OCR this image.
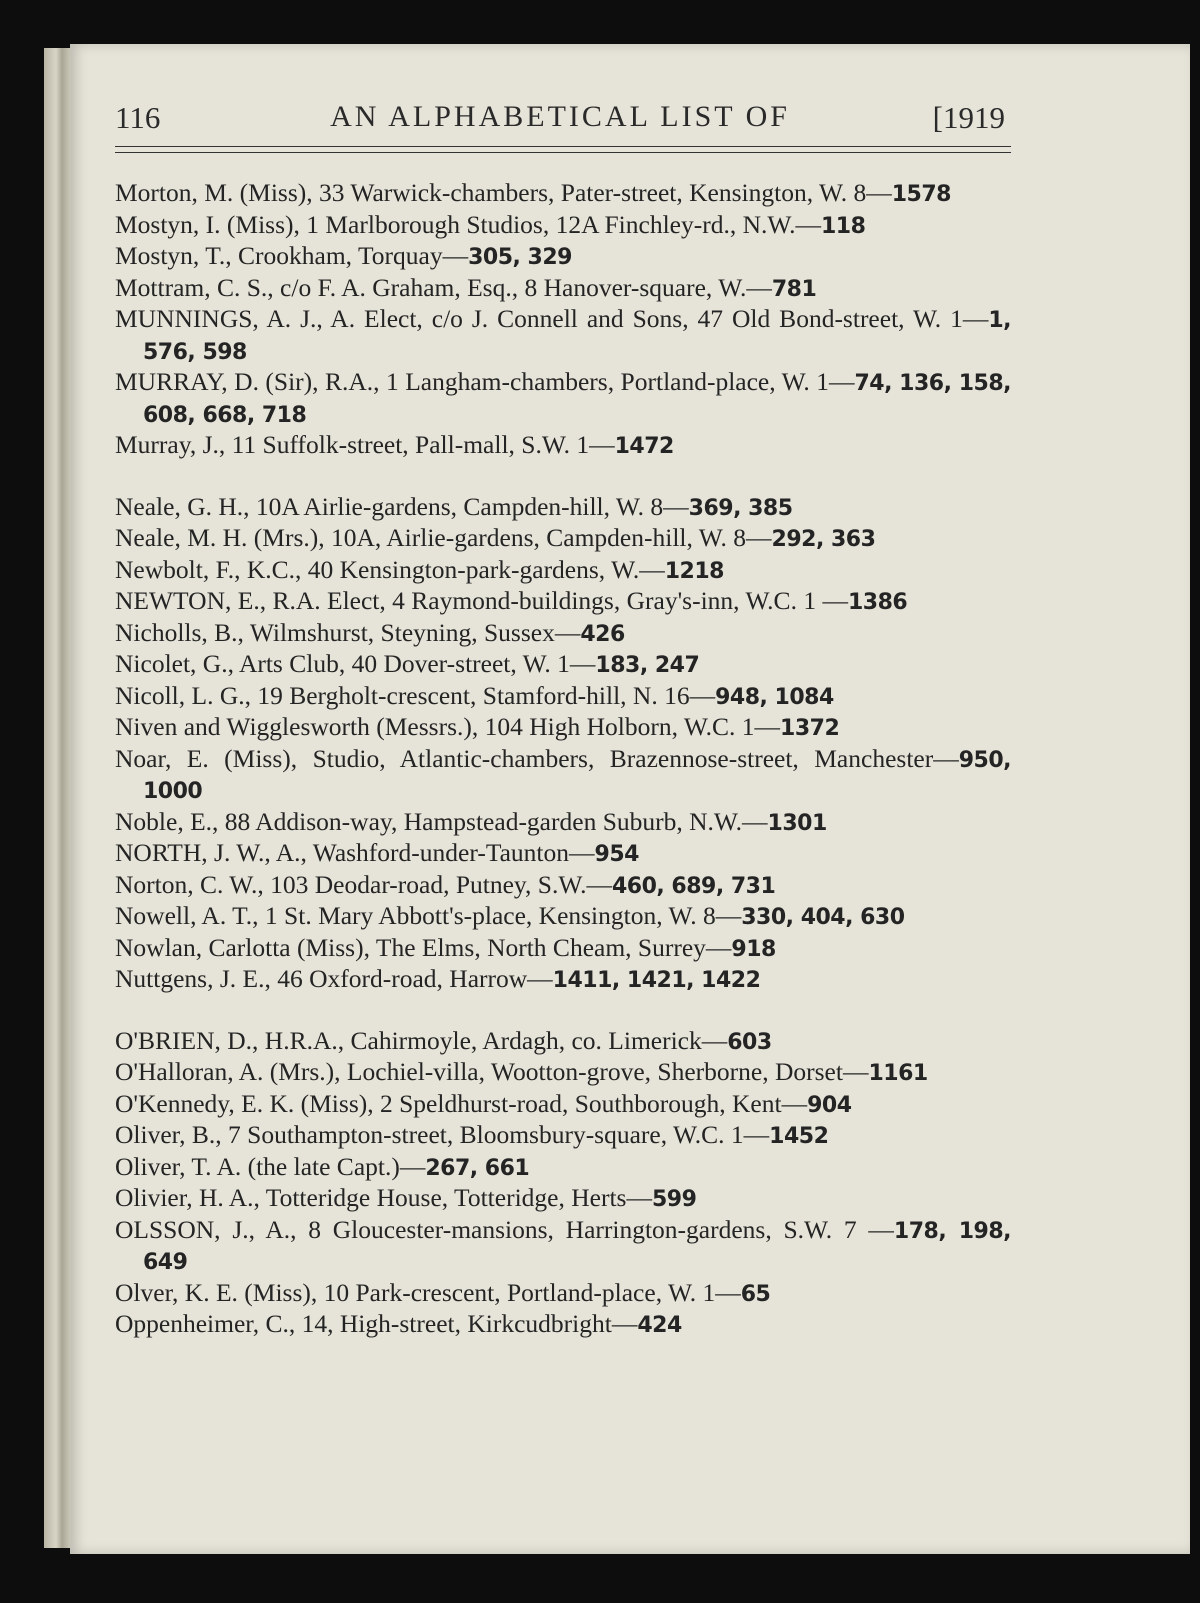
116	AN ALPHABETICAL LIST OF	[1919
Morton, M. (Miss), 33 Warwick-chambers, Pater-street, Kensington, W. 8—1578
Mostyn, I. (Miss), 1 Marlborough Studios, 12A Finchley-rd., N.W.—118
Mostyn, T., Crookham, Torquay—305, 329
Mottram, C. S., c/o F. A. Graham, Esq., 8 Hanover-square, W.—781
MUNNINGS, A. J., A. Elect, c/o J. Connell and Sons, 47 Old Bond-street, W. 1—1, 576, 598
MURRAY, D. (Sir), R.A., 1 Langham-chambers, Portland-place, W. 1—74, 136, 158, 608, 668, 718
Murray, J., 11 Suffolk-street, Pall-mall, S.W. 1—1472
Neale, G. H., 10A Airlie-gardens, Campden-hill, W. 8—369, 385
Neale, M. H. (Mrs.), 10A, Airlie-gardens, Campden-hill, W. 8—292, 363
Newbolt, F., K.C., 40 Kensington-park-gardens, W.—1218
NEWTON, E., R.A. Elect, 4 Raymond-buildings, Gray's-inn, W.C. 1 —1386
Nicholls, B., Wilmshurst, Steyning, Sussex—426
Nicolet, G., Arts Club, 40 Dover-street, W. 1—183, 247
Nicoll, L. G., 19 Bergholt-crescent, Stamford-hill, N. 16—948, 1084
Niven and Wigglesworth (Messrs.), 104 High Holborn, W.C. 1—1372
Noar, E. (Miss), Studio, Atlantic-chambers, Brazennose-street, Manchester—950, 1000
Noble, E., 88 Addison-way, Hampstead-garden Suburb, N.W.—1301
NORTH, J. W., A., Washford-under-Taunton—954
Norton, C. W., 103 Deodar-road, Putney, S.W.—460, 689, 731
Nowell, A. T., 1 St. Mary Abbott's-place, Kensington, W. 8—330, 404, 630
Nowlan, Carlotta (Miss), The Elms, North Cheam, Surrey—918
Nuttgens, J. E., 46 Oxford-road, Harrow—1411, 1421, 1422
O'BRIEN, D., H.R.A., Cahirmoyle, Ardagh, co. Limerick—603
O'Halloran, A. (Mrs.), Lochiel-villa, Wootton-grove, Sherborne, Dorset—1161
O'Kennedy, E. K. (Miss), 2 Speldhurst-road, Southborough, Kent—904
Oliver, B., 7 Southampton-street, Bloomsbury-square, W.C. 1—1452
Oliver, T. A. (the late Capt.)—267, 661
Olivier, H. A., Totteridge House, Totteridge, Herts—599
OLSSON, J., A., 8 Gloucester-mansions, Harrington-gardens, S.W. 7 —178, 198, 649
Olver, K. E. (Miss), 10 Park-crescent, Portland-place, W. 1—65
Oppenheimer, C., 14, High-street, Kirkcudbright—424
